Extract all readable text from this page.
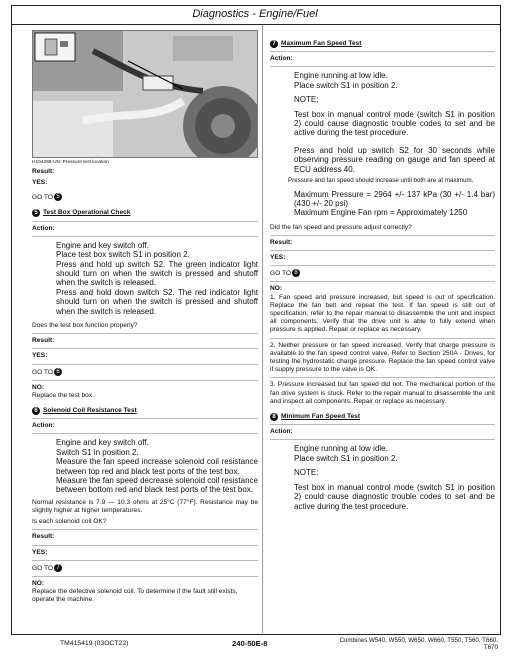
Diagnostics - Engine/Fuel
H104298-UN: Pressure test location
Result:
YES:
GO TO 5
5 Test Box Operational Check
Action:
Engine and key switch off.
Place test box switch S1 in position 2.
Press and hold up switch S2. The green indicator light should turn on when the switch is pressed and shutoff when the switch is released.
Press and hold down switch S2. The red indicator light should turn on when the switch is pressed and shutoff when the switch is released.
Does the test box function properly?
Result:
YES:
GO TO 6
NO:
Replace the test box.
6 Solenoid Coil Resistance Test
Action:
Engine and key switch off.
Switch S1 in position 2.
Measure the fan speed increase solenoid coil resistance between top red and black test ports of the test box.
Measure the fan speed decrease solenoid coil resistance between bottom red and black test ports of the test box.
Normal resistance is 7.9 — 10.3 ohms at 25°C (77°F). Resistance may be slightly higher at higher temperatures.
Is each solenoid coil OK?
Result:
YES:
GO TO 7
NO:
Replace the defective solenoid coil. To determine if the fault still exists, operate the machine.
7 Maximum Fan Speed Test
Action:
Engine running at low idle.
Place switch S1 in position 2.
NOTE:
Test box in manual control mode (switch S1 in position 2) could cause diagnostic trouble codes to set and be active during the test procedure.
Press and hold up switch S2 for 30 seconds while observing pressure reading on gauge and fan speed at ECU address 40.
Pressure and fan speed should increase until both are at maximum.
Maximum Pressure = 2964 +/- 137 kPa (30 +/- 1.4 bar) (430 +/- 20 psi)
Maximum Engine Fan rpm = Approximately 1250
Did the fan speed and pressure adjust correctly?
Result:
YES:
GO TO 8
NO:
1. Fan speed and pressure increased, but speed is out of specification. Replace the fan belt and repeat the test. If fan speed is still out of specification, refer to the repair manual to disassemble the unit and inspect all components. Verify that the drive unit is able to fully extend when pressure is applied. Repair or replace as necessary.
2. Neither pressure or fan speed increased. Verify that charge pressure is available to the fan speed control valve. Refer to Section 250A - Drives, for testing the hydrostatic charge pressure. Replace the fan speed control valve if supply pressure to the valve is OK.
3. Pressure increased but fan speed did not. The mechanical portion of the fan drive system is stuck. Refer to the repair manual to disassemble the unit and inspect all components. Repair or replace as necessary.
8 Minimum Fan Speed Test
Action:
Engine running at low idle.
Place switch S1 in position 2.
NOTE:
Test box in manual control mode (switch S1 in position 2) could cause diagnostic trouble codes to set and be active during the test procedure.
TM415419 (03OCT22)	240-50E-8	Combines W540, W550, W650, W660, T550, T560, T660,
T670
